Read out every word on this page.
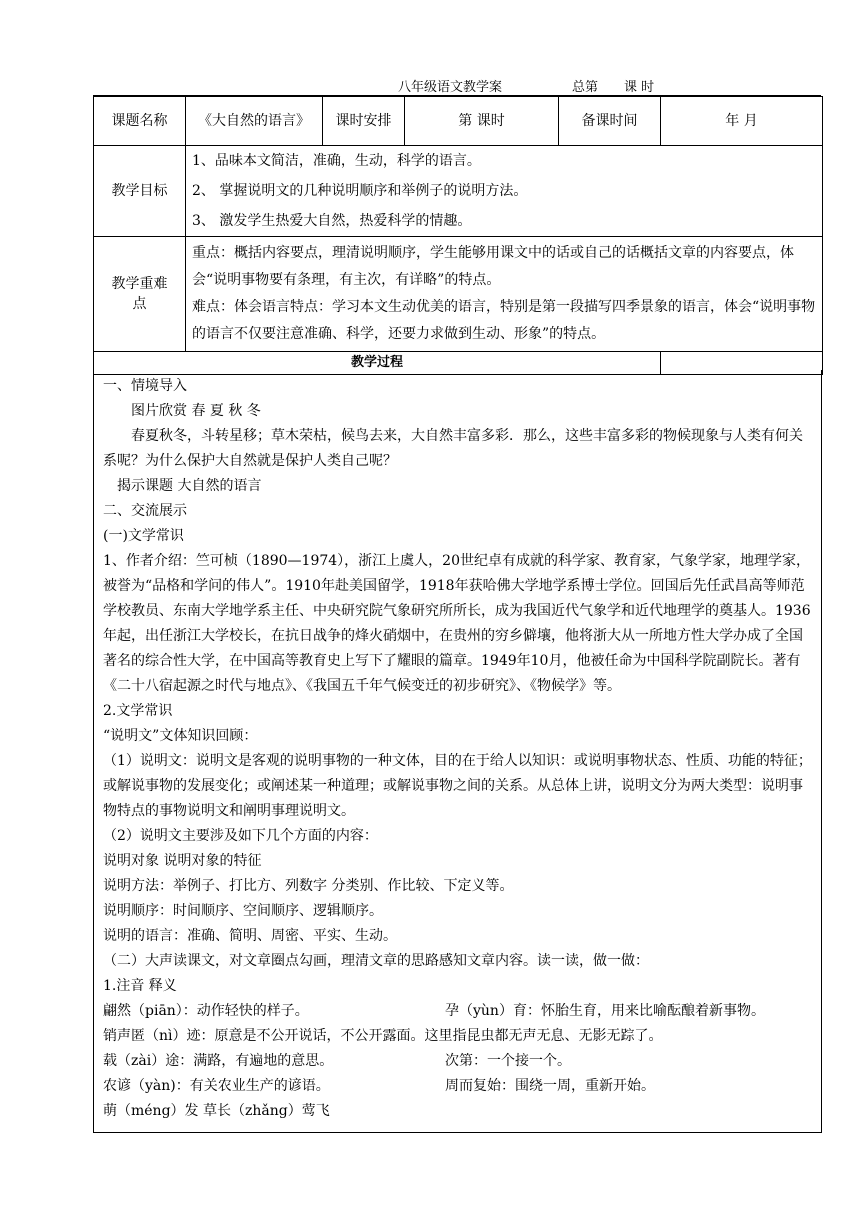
八年级语文教学案	总第 课 时
课题名称	《大自然的语言》	课时安排	第 课时	备课时间	年 月
教学目标	1、品味本文简洁，准确，生动，科学的语言。

2、 掌握说明文的几种说明顺序和举例子的说明方法。

3、 激发学生热爱大自然，热爱科学的情趣。				

教学重难点	重点：概括内容要点，理清说明顺序，学生能够用课文中的话或自己的话概括文章的内容要点，体会“说明事物要有条理，有主次，有详略”的特点。

难点：体会语言特点：学习本文生动优美的语言，特别是第一段描写四季景象的语言，体会“说明事物的语言不仅要注意准确、科学，还要力求做到生动、形象”的特点。				

教学过程					

一、情境导入

图片欣赏 春 夏 秋 冬

春夏秋冬，斗转星移；草木荣枯，候鸟去来，大自然丰富多彩．那么，这些丰富多彩的物候现象与人类有何关系呢？为什么保护大自然就是保护人类自己呢？

揭示课题 大自然的语言

二、交流展示

(一)文学常识

1、作者介绍：竺可桢（1890—1974），浙江上虞人，20世纪卓有成就的科学家、教育家，气象学家，地理学家，被誉为“品格和学问的伟人”。1910年赴美国留学，1918年获哈佛大学地学系博士学位。回国后先任武昌高等师范学校教员、东南大学地学系主任、中央研究院气象研究所所长，成为我国近代气象学和近代地理学的奠基人。1936 年起，出任浙江大学校长，在抗日战争的烽火硝烟中，在贵州的穷乡僻壤，他将浙大从一所地方性大学办成了全国著名的综合性大学，在中国高等教育史上写下了耀眼的篇章。1949年10月，他被任命为中国科学院副院长。著有《二十八宿起源之时代与地点》、《我国五千年气候变迁的初步研究》、《物候学》等。

2.文学常识

“说明文”文体知识回顾：

（1）说明文：说明文是客观的说明事物的一种文体，目的在于给人以知识：或说明事物状态、性质、功能的特征；或解说事物的发展变化；或阐述某一种道理；或解说事物之间的关系。从总体上讲，说明文分为两大类型：说明事物特点的事物说明文和阐明事理说明文。

（2）说明文主要涉及如下几个方面的内容：

说明对象 说明对象的特征

说明方法：举例子、打比方、列数字 分类别、作比较、下定义等。

说明顺序：时间顺序、空间顺序、逻辑顺序。

说明的语言：准确、简明、周密、平实、生动。

（二）大声读课文，对文章圈点勾画，理清文章的思路感知文章内容。读一读，做一做：

1.注音 释义

翩然（piān）：动作轻快的样子。	孕（yùn）育：怀胎生育，用来比喻酝酿着新事物。
销声匿（nì）迹：原意是不公开说话，不公开露面。这里指昆虫都无声无息、无影无踪了。
载（zài）途：满路，有遍地的意思。	次第：一个接一个。
农谚（yàn)：有关农业生产的谚语。	周而复始：围绕一周，重新开始。
萌（méng）发 草长（zhǎng）莺飞
